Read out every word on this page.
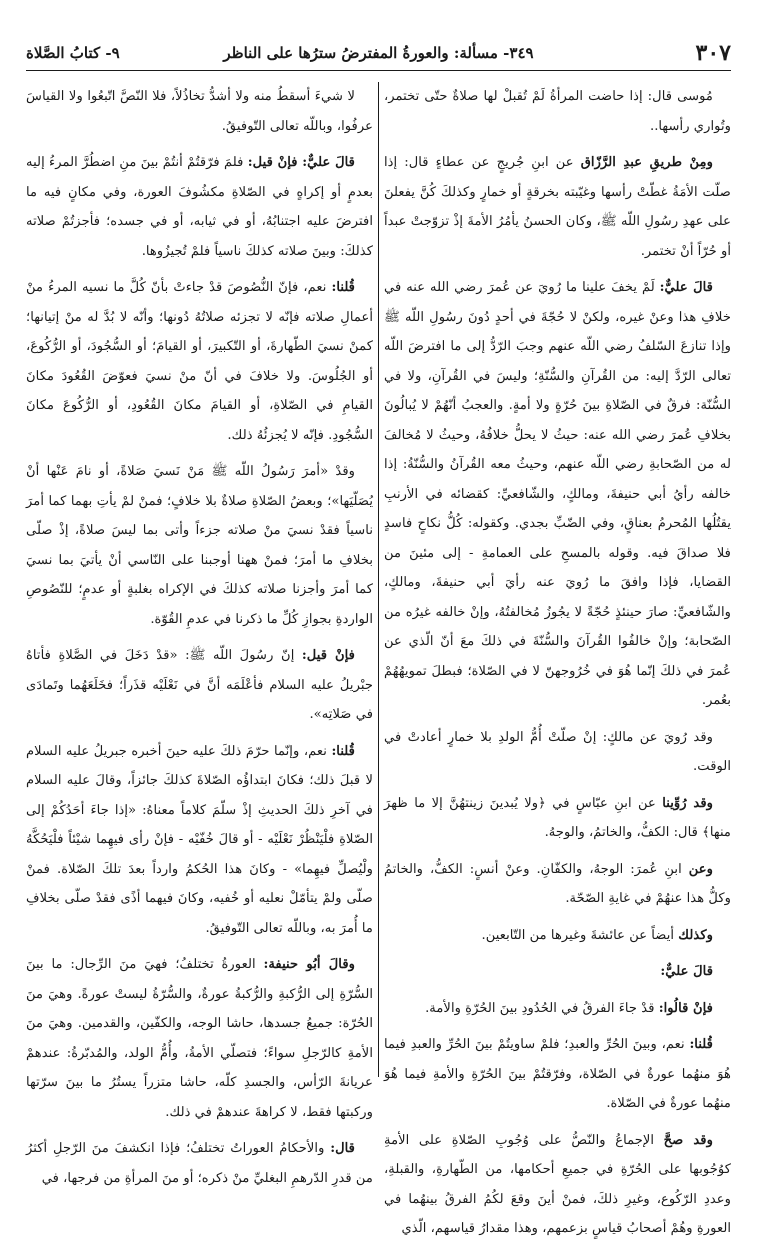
٣٠٧
٣٤٩- مسألة: والعورةُ المفترضُ سترُها على الناظر
٩- كتابُ الصَّلاة

مُوسى قال: إذا حاضت المرأةُ لَمْ تُقبلْ لها صلاةٌ حتّى تختمر، وتُواري رأسها..

ومِنْ طريقِ عبدِ الرَّزّاق عن ابنِ جُريجٍ عن عطاءٍ قال: إذا صلّت الأمَةُ غطّتْ رأسها وغيّبته بخرقةٍ أو خمارٍ وكذلكَ كُنَّ يفعلنَ على عهدِ رسُولِ اللّه ﷺ، وكان الحسنُ يأمُرُ الأمةَ إذْ تزوّجتْ عبداً أو حُرّاً أنْ تختمر.

قالَ عليٌّ: لَمْ يخفَ علينا ما رُويَ عن عُمرَ رضي الله عنه في خلافِ هذا وعنْ غيره، ولكنْ لا حُجّةَ في أحدٍ دُونَ رسُولِ اللّه ﷺ وإذا تنازعَ السّلفُ رضي اللّه عنهم وجبَ الرّدُّ إلى ما افترضَ اللّه تعالى الرّدَّ إليه: من القُرآنِ والسُّنّةِ؛ وليسَ في القُرآنِ، ولا في السُّنّة: فرقٌ في الصّلاةِ بينَ حُرّةٍ ولا أمةٍ. والعجبُ أنّهُمْ لا يُبالُونَ بخلافِ عُمرَ رضي الله عنه: حيثُ لا يحلُّ خلافُهُ، وحيثُ لا مُخالفَ له من الصّحابةِ رضي اللّه عنهم، وحيثُ معه القُرآنُ والسُّنّةُ: إذا خالفه رأيُ أبي حنيفةَ، ومالكٍ، والشّافعيِّ: كقضائه في الأرنبِ يقتُلُها المُحرمُ بعناقٍ، وفي الضّبِّ بجدي. وكقوله: كُلُّ نكاحٍ فاسدٍ فلا صداقَ فيه. وقوله بالمسحِ على العمامةِ - إلى مئينَ من القضايا، فإذا وافقَ ما رُويَ عنه رأيَ أبي حنيفةَ، ومالكٍ، والشّافعيِّ: صارَ حينئذٍ حُجّةً لا يجُوزُ مُخالفتُهُ، وإنْ خالفه غيرُه من الصّحابة؛ وإنْ خالفُوا القُرآنَ والسُّنّةَ في ذلكَ معَ أنّ الّذي عن عُمرَ في ذلكَ إنّما هُوَ في خُرُوجهنّ لا في الصّلاة؛ فبطلَ تمويهُهُمْ بعُمر.

وقد رُويَ عن مالكٍ: إنْ صلّتْ أُمُّ الولدِ بلا خمارٍ أعادتْ في الوقت.

وقد رُوِّينا عن ابنِ عبّاسٍ في ﴿ولا يُبدينَ زينتهُنَّ إلا ما ظهرَ منها﴾ قال: الكفُّ، والخاتمُ، والوجهُ.

وعن ابنِ عُمرَ: الوجهُ، والكفّانِ. وعنْ أنسٍ: الكفُّ، والخاتمُ وكلُّ هذا عنهُمْ في غايةِ الصّحّة.

وكذلك أيضاً عن عائشةَ وغيرها من التّابعين.

قالَ عليٌّ:

فإنْ قالُوا: قدْ جاءَ الفرقُ في الحُدُودِ بينَ الحُرّةِ والأمة.

قُلنا: نعم، وبينَ الحُرِّ والعبدِ؛ فلمْ ساويتُمْ بينَ الحُرِّ والعبدِ فيما هُوَ منهُما عورةٌ في الصّلاة، وفرّقتُمْ بينَ الحُرّةِ والأمةِ فيما هُوَ منهُما عورةٌ في الصّلاة.

وقد صحَّ الإجماعُ والنّصُّ على وُجُوبِ الصّلاةِ على الأمةِ كوُجُوبها على الحُرّةِ في جميعِ أحكامها، من الطّهارةِ، والقبلةِ، وعددِ الرّكُوع، وغيرِ ذلكَ، فمنْ أينَ وقعَ لكُمُ الفرقُ بينهُما في العورةِ وهُمْ أصحابُ قياسٍ بزعمهم، وهذا مقدارُ قياسهم، الّذي

لا شيءَ أسقطُ منه ولا أشدُّ تخاذُلاً، فلا النّصَّ اتّبعُوا ولا القياسَ عرفُوا، وباللّه تعالى التّوفيقُ.

قالَ عليٌّ: فإنْ قيل: فلمَ فرّقتُمْ أنتُمْ بينَ منِ اضطُرَّ المرءُ إليه بعدمٍ أو إكراهٍ في الصّلاةِ مكشُوفَ العورة، وفي مكانٍ فيه ما افترضَ عليه اجتنابُهُ، أو في ثيابه، أو في جسده؛ فأجزتُمْ صلاته كذلكَ: وبينَ صلاته كذلكَ ناسياً فلمْ تُجيزُوها.

قُلنا: نعم، فإنّ النُّصُوصَ قدْ جاءتْ بأنّ كُلَّ ما نسيه المرءُ منْ أعمالِ صلاته فإنّه لا تجزئه صلاتُهُ دُونها؛ وأنّه لا بُدَّ له منْ إتيانها؛ كمنْ نسيَ الطّهارةَ، أو التّكبيرَ، أو القيامَ؛ أو السُّجُودَ، أو الرُّكُوعَ، أو الجُلُوسَ. ولا خلافَ في أنّ منْ نسيَ فعوّضَ القُعُودَ مكانَ القيامِ في الصّلاةِ، أو القيامَ مكانَ القُعُودِ، أو الرُّكُوعَ مكانَ السُّجُودِ. فإنّه لا يُجزئُهُ ذلك.

وقدْ «أمرَ رَسُولُ اللّه ﷺ مَنْ نَسيَ صَلاةً، أو نامَ عَنْها أنْ يُصَلّيَها»؛ وبعضُ الصّلاةِ صلاةٌ بلا خلافٍ؛ فمنْ لمْ يأتِ بهما كما أمرَ ناسياً فقدْ نسيَ منْ صلاته جزءاً وأتى بما ليسَ صلاةً، إذْ صلّى بخلافِ ما أمرَ؛ فمنْ ههنا أوجبنا على النّاسي أنْ يأتيَ بما نسيَ كما أمرَ وأجزنا صلاته كذلكَ في الإكراه بغلبةٍ أو عدمٍ؛ للنّصُوصِ الواردةِ بجوازِ كُلِّ ما ذكرنا في عدمِ القُوّة.

فإنْ قيل: إنّ رسُولَ اللّه ﷺ: «قدْ دَخَلَ في الصَّلاةِ فأتاهُ جبْريلُ عليه السلام فأعْلَمَه أنَّ في نَعْلَيْه قذَراً؛ فخَلَعَهُما وتَمادَى في صَلاتِه».

قُلنا: نعم، وإنّما حرّمَ ذلكَ عليه حينَ أخبره جبريلُ عليه السلام لا قبلَ ذلك؛ فكانَ ابتداؤُه الصّلاةَ كذلكَ جائزاً، وقالَ عليه السلام في آخرِ ذلكَ الحديثِ إذْ سلّمَ كلاماً معناهُ: «إذا جاءَ أحَدُكُمْ إلى الصّلاةِ فلْيَنْظُرْ نَعْلَيْه - أو قالَ خُفّيْه - فإنْ رأى فيهِما شيْئاً فلْيَحُكَّهُ ولْيُصلِّ فيهِما» - وكانَ هذا الحُكمُ وارداً بعدَ تلكَ الصّلاة. فمنْ صلّى ولمْ يتأمّلْ نعليه أو خُفيه، وكانَ فيهما أذًى فقدْ صلّى بخلافِ ما أُمرَ به، وباللّه تعالى التّوفيقُ.

وقالَ أبُو حنيفة: العورةُ تختلفُ؛ فهيَ منَ الرِّجال: ما بينَ السُّرّةِ إلى الرُّكبةِ والرُّكبةُ عورةٌ، والسُّرّةُ ليستْ عورةً. وهيَ منَ الحُرّة: جميعُ جسدها، حاشا الوجه، والكفّين، والقدمين. وهيَ منَ الأمةِ كالرّجلِ سواءً؛ فتصلّي الأمةُ، وأُمُّ الولد، والمُدبّرةُ: عندهمْ عريانةَ الرّأس، والجسدِ كلّه، حاشا متزراً يستُرُ ما بينَ سرّتها وركبتها فقط، لا كراهةَ عندهمْ في ذلك.

قال: والأحكامُ العوراتُ تختلفُ؛ فإذا انكشفَ منَ الرّجلِ أكثرُ من قدرِ الدّرهمِ البغليِّ منْ ذكره؛ أو منَ المرأةِ من فرجها، في
